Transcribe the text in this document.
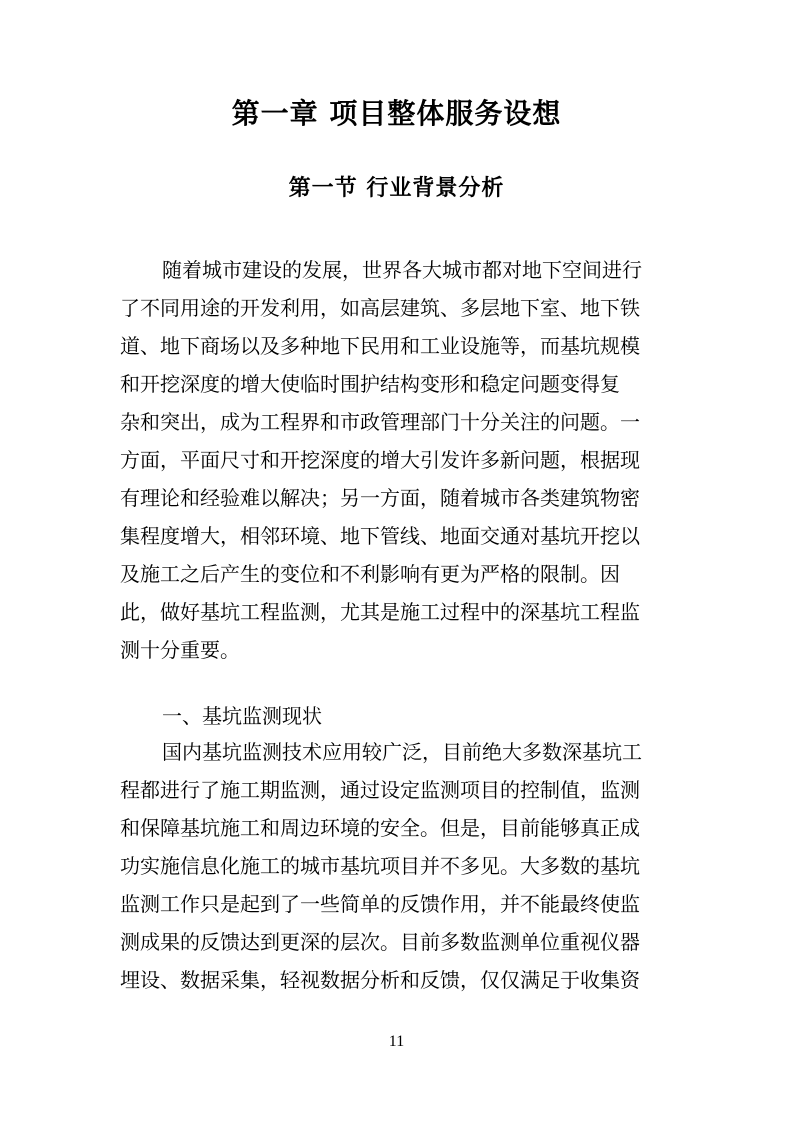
第一章 项目整体服务设想
第一节 行业背景分析
随着城市建设的发展，世界各大城市都对地下空间进行
了不同用途的开发利用，如高层建筑、多层地下室、地下铁
道、地下商场以及多种地下民用和工业设施等，而基坑规模
和开挖深度的增大使临时围护结构变形和稳定问题变得复
杂和突出，成为工程界和市政管理部门十分关注的问题。一
方面，平面尺寸和开挖深度的增大引发许多新问题，根据现
有理论和经验难以解决；另一方面，随着城市各类建筑物密
集程度增大，相邻环境、地下管线、地面交通对基坑开挖以
及施工之后产生的变位和不利影响有更为严格的限制。因
此，做好基坑工程监测，尤其是施工过程中的深基坑工程监
测十分重要。
一、基坑监测现状
国内基坑监测技术应用较广泛，目前绝大多数深基坑工
程都进行了施工期监测，通过设定监测项目的控制值，监测
和保障基坑施工和周边环境的安全。但是，目前能够真正成
功实施信息化施工的城市基坑项目并不多见。大多数的基坑
监测工作只是起到了一些简单的反馈作用，并不能最终使监
测成果的反馈达到更深的层次。目前多数监测单位重视仪器
埋设、数据采集，轻视数据分析和反馈，仅仅满足于收集资
11
